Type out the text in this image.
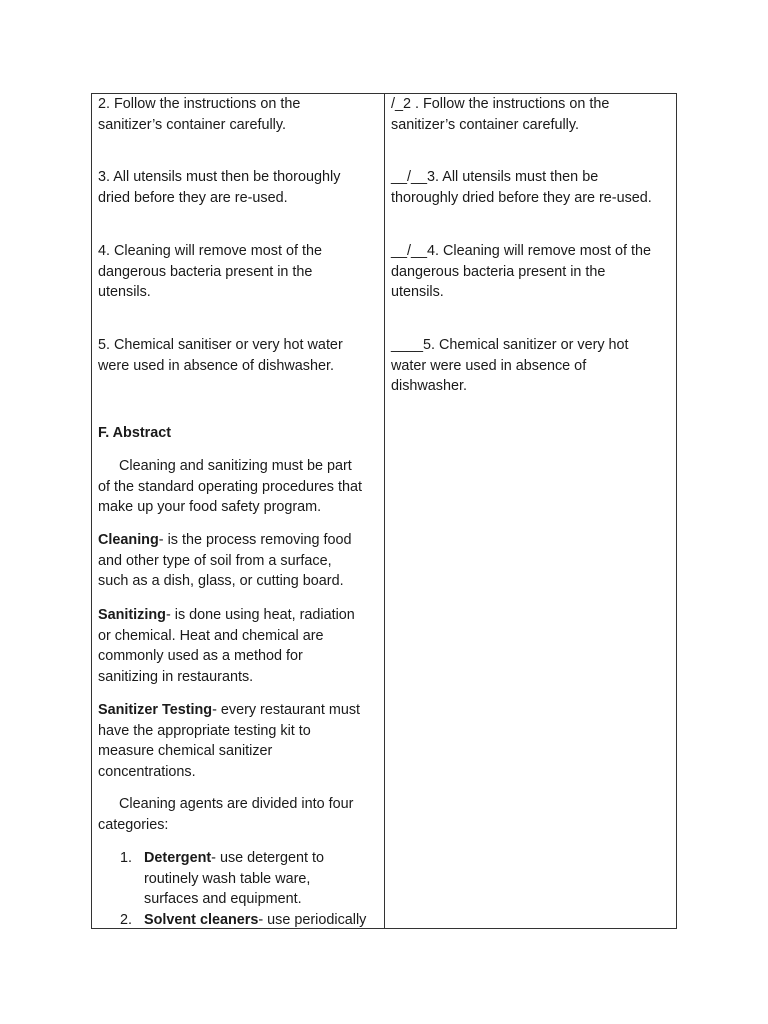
2. Follow the instructions on the
sanitizer’s container carefully.

3. All utensils must then be thoroughly
dried before they are re-used.

4. Cleaning will remove most of the
dangerous bacteria present in the
utensils.

5. Chemical sanitiser or very hot water
were used in absence of dishwasher.

F. Abstract

Cleaning and sanitizing must be part
of the standard operating procedures that
make up your food safety program.

Cleaning- is the process removing food
and other type of soil from a surface,
such as a dish, glass, or cutting board.

Sanitizing- is done using heat, radiation
or chemical. Heat and chemical are
commonly used as a method for
sanitizing in restaurants.

Sanitizer Testing- every restaurant must
have the appropriate testing kit to
measure chemical sanitizer
concentrations.

Cleaning agents are divided into four
categories:

1. Detergent- use detergent to
routinely wash table ware,
surfaces and equipment.
2. Solvent cleaners- use periodically

/_2 . Follow the instructions on the
sanitizer’s container carefully.

__/__3. All utensils must then be
thoroughly dried before they are re-used.

__/__4. Cleaning will remove most of the
dangerous bacteria present in the
utensils.

____5. Chemical sanitizer or very hot
water were used in absence of
dishwasher.
